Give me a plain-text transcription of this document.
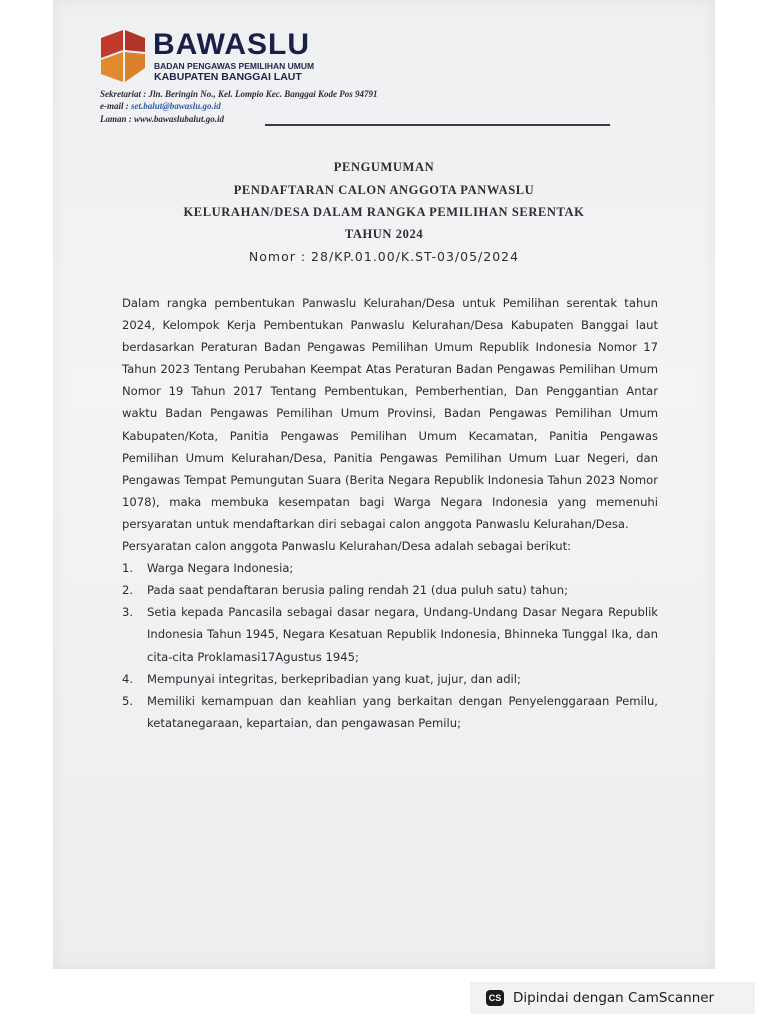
BAWASLU
BADAN PENGAWAS PEMILIHAN UMUM
KABUPATEN BANGGAI LAUT
Sekretariat : Jln. Beringin No., Kel. Lompio Kec. Banggai Kode Pos 94791
e-mail : set.balut@bawaslu.go.id
Laman : www.bawaslubalut.go.id
PENGUMUMAN
PENDAFTARAN CALON ANGGOTA PANWASLU
KELURAHAN/DESA DALAM RANGKA PEMILIHAN SERENTAK
TAHUN 2024
Nomor : 28/KP.01.00/K.ST-03/05/2024

Dalam rangka pembentukan Panwaslu Kelurahan/Desa untuk Pemilihan serentak tahun 2024, Kelompok Kerja Pembentukan Panwaslu Kelurahan/Desa Kabupaten Banggai laut berdasarkan Peraturan Badan Pengawas Pemilihan Umum Republik Indonesia Nomor 17 Tahun 2023 Tentang Perubahan Keempat Atas Peraturan Badan Pengawas Pemilihan Umum Nomor 19 Tahun 2017 Tentang Pembentukan, Pemberhentian, Dan Penggantian Antar waktu Badan Pengawas Pemilihan Umum Provinsi, Badan Pengawas Pemilihan Umum Kabupaten/Kota, Panitia Pengawas Pemilihan Umum Kecamatan, Panitia Pengawas Pemilihan Umum Kelurahan/Desa, Panitia Pengawas Pemilihan Umum Luar Negeri, dan Pengawas Tempat Pemungutan Suara (Berita Negara Republik Indonesia Tahun 2023 Nomor 1078), maka membuka kesempatan bagi Warga Negara Indonesia yang memenuhi persyaratan untuk mendaftarkan diri sebagai calon anggota Panwaslu Kelurahan/Desa.

Persyaratan calon anggota Panwaslu Kelurahan/Desa adalah sebagai berikut:

1. Warga Negara Indonesia;
2. Pada saat pendaftaran berusia paling rendah 21 (dua puluh satu) tahun;
3. Setia kepada Pancasila sebagai dasar negara, Undang-Undang Dasar Negara Republik Indonesia Tahun 1945, Negara Kesatuan Republik Indonesia, Bhinneka Tunggal Ika, dan cita-cita Proklamasi17Agustus 1945;
4. Mempunyai integritas, berkepribadian yang kuat, jujur, dan adil;
5. Memiliki kemampuan dan keahlian yang berkaitan dengan Penyelenggaraan Pemilu, ketatanegaraan, kepartaian, dan pengawasan Pemilu;
CS Dipindai dengan CamScanner
